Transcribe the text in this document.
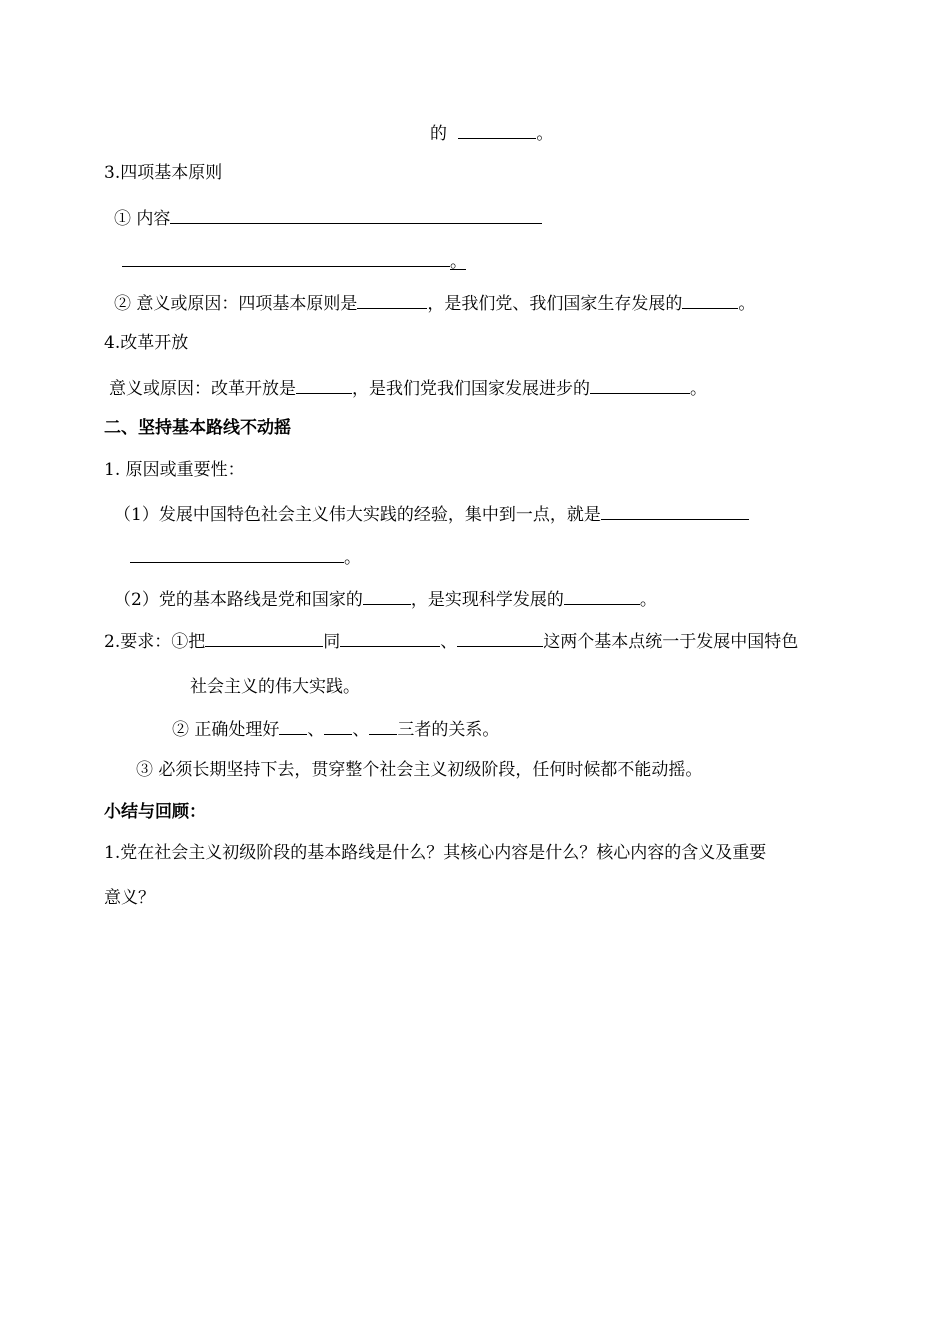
的	。
3.四项基本原则
① 内容
。
② 意义或原因：四项基本原则是	，是我们党、我们国家生存发展的	。
4.改革开放
意义或原因：改革开放是	，是我们党我们国家发展进步的	。
二、坚持基本路线不动摇
1. 原因或重要性：
（1）发展中国特色社会主义伟大实践的经验，集中到一点，就是
。
（2）党的基本路线是党和国家的	，是实现科学发展的	。
2.要求：①把	同	、	这两个基本点统一于发展中国特色
社会主义的伟大实践。
② 正确处理好 、 、 三者的关系。
③ 必须长期坚持下去，贯穿整个社会主义初级阶段，任何时候都不能动摇。
小结与回顾：
1.党在社会主义初级阶段的基本路线是什么？其核心内容是什么？核心内容的含义及重要
意义？
